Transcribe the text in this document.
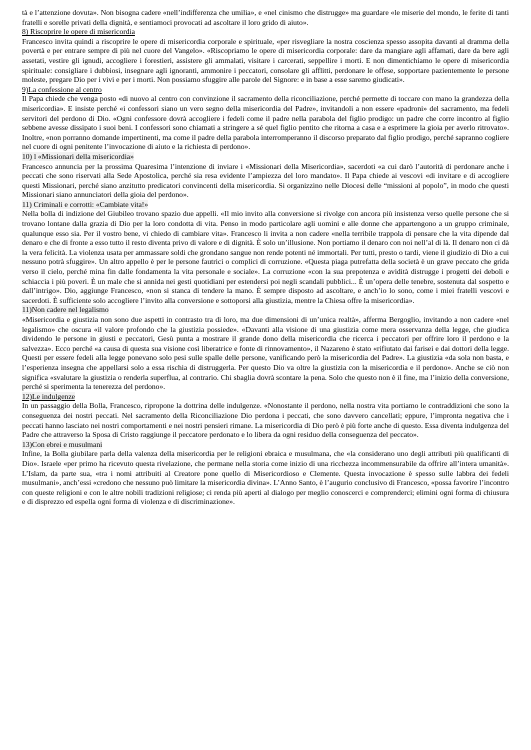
tà e l’attenzione dovuta». Non bisogna cadere «nell’indifferenza che umilia», e «nel cinismo che distrugge» ma guardare «le miserie del mondo, le ferite di tanti fratelli e sorelle privati della dignità, e sentiamoci provocati ad ascoltare il loro grido di aiuto».

8) Riscoprire le opere di misericordia

Francesco invita quindi a riscoprire le opere di misericordia corporale e spirituale, «per risvegliare la nostra coscienza spesso assopita davanti al dramma della povertà e per entrare sempre di più nel cuore del Vangelo». «Riscopriamo le opere di misericordia corporale: dare da mangiare agli affamati, dare da bere agli assetati, vestire gli ignudi, accogliere i forestieri, assistere gli ammalati, visitare i carcerati, seppellire i morti. E non dimentichiamo le opere di misericordia spirituale: consigliare i dubbiosi, insegnare agli ignoranti, ammonire i peccatori, consolare gli afflitti, perdonare le offese, sopportare pazientemente le persone moleste, pregare Dio per i vivi e per i morti. Non possiamo sfuggire alle parole del Signore: e in base a esse saremo giudicati».

9)La confessione al centro

Il Papa chiede che venga posto «di nuovo al centro con convinzione il sacramento della riconciliazione, perché permette di toccare con mano la grandezza della misericordia». E insiste perché «i confessori siano un vero segno della misericordia del Padre», invitandoli a non essere «padroni» del sacramento, ma fedeli servitori del perdono di Dio. «Ogni confessore dovrà accogliere i fedeli come il padre nella parabola del figlio prodigo: un padre che corre incontro al figlio sebbene avesse dissipato i suoi beni. I confessori sono chiamati a stringere a sé quel figlio pentito che ritorna a casa e a esprimere la gioia per averlo ritrovato». Inoltre, «non porranno domande impertinenti, ma come il padre della parabola interromperanno il discorso preparato dal figlio prodigo, perché sapranno cogliere nel cuore di ogni penitente l’invocazione di aiuto e la richiesta di perdono».

10) l «Missionari della misericordia»

Francesco annuncia per la prossima Quaresima l’intenzione di inviare i «Missionari della Misericordia», sacerdoti «a cui darò l’autorità di perdonare anche i peccati che sono riservati alla Sede Apostolica, perché sia resa evidente l’ampiezza del loro mandato». Il Papa chiede ai vescovi «di invitare e di accogliere questi Missionari, perché siano anzitutto predicatori convincenti della misericordia. Si organizzino nelle Diocesi delle “missioni al popolo”, in modo che questi Missionari siano annunciatori della gioia del perdono».

11) Criminali e corrotti: «Cambiate vita!»

Nella bolla di indizione del Giubileo trovano spazio due appelli. «Il mio invito alla conversione si rivolge con ancora più insistenza verso quelle persone che si trovano lontane dalla grazia di Dio per la loro condotta di vita. Penso in modo particolare agli uomini e alle donne che appartengono a un gruppo criminale, qualunque esso sia. Per il vostro bene, vi chiedo di cambiare vita». Francesco li invita a non cadere «nella terribile trappola di pensare che la vita dipende dal denaro e che di fronte a esso tutto il resto diventa privo di valore e di dignità. È solo un’illusione. Non portiamo il denaro con noi nell’al di là. Il denaro non ci dà la vera felicità. La violenza usata per ammassare soldi che grondano sangue non rende potenti né immortali. Per tutti, presto o tardi, viene il giudizio di Dio a cui nessuno potrà sfuggire». Un altro appello è per le persone fautrici o complici di corruzione. «Questa piaga putrefatta della società è un grave peccato che grida verso il cielo, perché mina fin dalle fondamenta la vita personale e sociale». La corruzione «con la sua prepotenza e avidità distrugge i progetti dei deboli e schiaccia i più poveri. È un male che si annida nei gesti quotidiani per estendersi poi negli scandali pubblici... È un’opera delle tenebre, sostenuta dal sospetto e dall’intrigo». Dio, aggiunge Francesco, «non si stanca di tendere la mano. È sempre disposto ad ascoltare, e anch’io lo sono, come i miei fratelli vescovi e sacerdoti. È sufficiente solo accogliere l’invito alla conversione e sottoporsi alla giustizia, mentre la Chiesa offre la misericordia».

11)Non cadere nel legalismo

«Misericordia e giustizia non sono due aspetti in contrasto tra di loro, ma due dimensioni di un’unica realtà», afferma Bergoglio, invitando a non cadere «nel legalismo» che oscura «il valore profondo che la giustizia possiede». «Davanti alla visione di una giustizia come mera osservanza della legge, che giudica dividendo le persone in giusti e peccatori, Gesù punta a mostrare il grande dono della misericordia che ricerca i peccatori per offrire loro il perdono e la salvezza». Ecco perché «a causa di questa sua visione così liberatrice e fonte di rinnovamento», il Nazareno è stato «rifiutato dai farisei e dai dottori della legge. Questi per essere fedeli alla legge ponevano solo pesi sulle spalle delle persone, vanificando però la misericordia del Padre». La giustizia «da sola non basta, e l’esperienza insegna che appellarsi solo a essa rischia di distruggerla. Per questo Dio va oltre la giustizia con la misericordia e il perdono». Anche se ciò non significa «svalutare la giustizia o renderla superflua, al contrario. Chi sbaglia dovrà scontare la pena. Solo che questo non è il fine, ma l’inizio della conversione, perché si sperimenta la tenerezza del perdono».

12)Le indulgenze

In un passaggio della Bolla, Francesco, ripropone la dottrina delle indulgenze. «Nonostante il perdono, nella nostra vita portiamo le contraddizioni che sono la conseguenza dei nostri peccati. Nel sacramento della Riconciliazione Dio perdona i peccati, che sono davvero cancellati; eppure, l’impronta negativa che i peccati hanno lasciato nei nostri comportamenti e nei nostri pensieri rimane. La misericordia di Dio però è più forte anche di questo. Essa diventa indulgenza del Padre che attraverso la Sposa di Cristo raggiunge il peccatore perdonato e lo libera da ogni residuo della conseguenza del peccato».

13)Con ebrei e musulmani

Infine, la Bolla giubilare parla della valenza della misericordia per le religioni ebraica e musulmana, che «la considerano uno degli attributi più qualificanti di Dio». Israele «per primo ha ricevuto questa rivelazione, che permane nella storia come inizio di una ricchezza incommensurabile da offrire all’intera umanità». L’Islam, da parte sua, «tra i nomi attribuiti al Creatore pone quello di Misericordioso e Clemente. Questa invocazione è spesso sulle labbra dei fedeli musulmani», anch’essi «credono che nessuno può limitare la misericordia divina». L’Anno Santo, è l’augurio conclusivo di Francesco, «possa favorire l’incontro con queste religioni e con le altre nobili tradizioni religiose; ci renda più aperti al dialogo per meglio conoscerci e comprenderci; elimini ogni forma di chiusura e di disprezzo ed espella ogni forma di violenza e di discriminazione».
